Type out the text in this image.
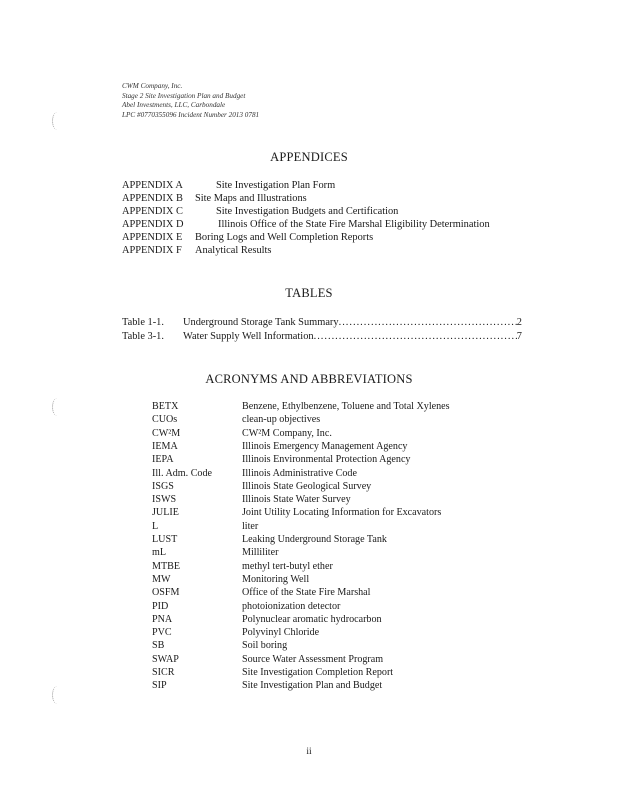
CWM Company, Inc.
Stage 2 Site Investigation Plan and Budget
Abel Investments, LLC, Carbondale
LPC #0770355096 Incident Number 2013 0781
APPENDICES
APPENDIX A	Site Investigation Plan Form
APPENDIX B Site Maps and Illustrations
APPENDIX C	Site Investigation Budgets and Certification
APPENDIX D	Illinois Office of the State Fire Marshal Eligibility Determination
APPENDIX E Boring Logs and Well Completion Reports
APPENDIX F Analytical Results
TABLES
Table 1-1.	Underground Storage Tank Summary .....	2
Table 3-1.	Water Supply Well Information .....	7
ACRONYMS AND ABBREVIATIONS
BETX	Benzene, Ethylbenzene, Toluene and Total Xylenes
CUOs	clean-up objectives
CW²M	CW²M Company, Inc.
IEMA	Illinois Emergency Management Agency
IEPA	Illinois Environmental Protection Agency
Ill. Adm. Code	Illinois Administrative Code
ISGS	Illinois State Geological Survey
ISWS	Illinois State Water Survey
JULIE	Joint Utility Locating Information for Excavators
L	liter
LUST	Leaking Underground Storage Tank
mL	Milliliter
MTBE	methyl tert-butyl ether
MW	Monitoring Well
OSFM	Office of the State Fire Marshal
PID	photoionization detector
PNA	Polynuclear aromatic hydrocarbon
PVC	Polyvinyl Chloride
SB	Soil boring
SWAP	Source Water Assessment Program
SICR	Site Investigation Completion Report
SIP	Site Investigation Plan and Budget
ii
